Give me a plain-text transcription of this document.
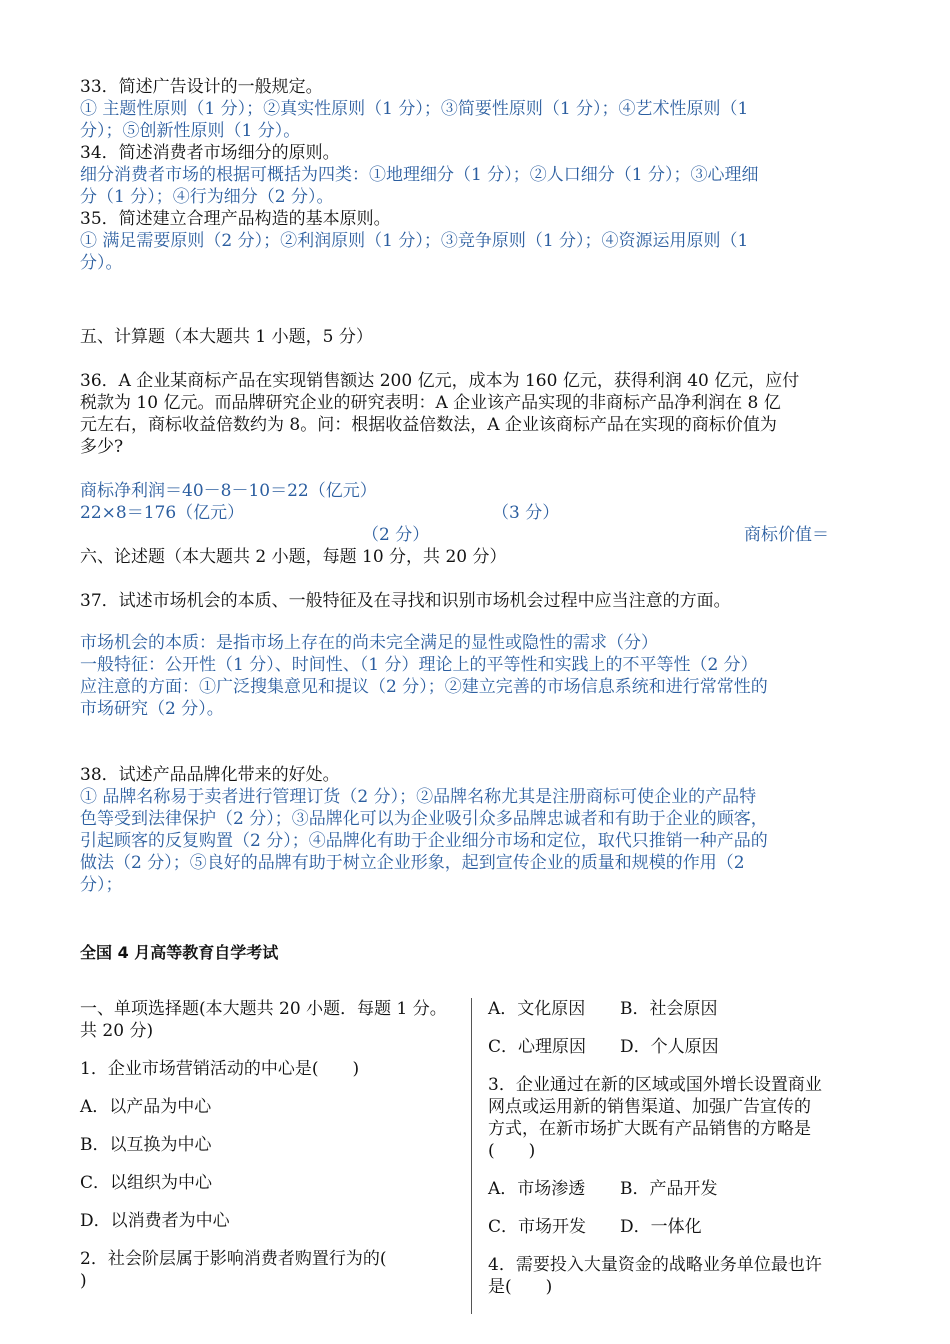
33．简述广告设计的一般规定。

① 主题性原则（1 分）；②真实性原则（1 分）；③简要性原则（1 分）；④艺术性原则（1
分）；⑤创新性原则（1 分）。

34．简述消费者市场细分的原则。

细分消费者市场的根据可概括为四类：①地理细分（1 分）；②人口细分（1 分）；③心理细
分（1 分）；④行为细分（2 分）。

35．简述建立合理产品构造的基本原则。

① 满足需要原则（2 分）；②利润原则（1 分）；③竞争原则（1 分）；④资源运用原则（1
分）。

五、计算题（本大题共 1 小题，5 分）

36．A 企业某商标产品在实现销售额达 200 亿元，成本为 160 亿元，获得利润 40 亿元，应付
税款为 10 亿元。而品牌研究企业的研究表明：A 企业该产品实现的非商标产品净利润在 8 亿
元左右，商标收益倍数约为 8。问：根据收益倍数法，A 企业该商标产品在实现的商标价值为
多少?

商标净利润＝40－8－10＝22（亿元）

（3 分）

商标价值＝

22×8＝176（亿元）

（2 分）

六、论述题（本大题共 2 小题，每题 10 分，共 20 分）

37．试述市场机会的本质、一般特征及在寻找和识别市场机会过程中应当注意的方面。

市场机会的本质：是指市场上存在的尚未完全满足的显性或隐性的需求（分）
一般特征：公开性（1 分）、时间性、（1 分）理论上的平等性和实践上的不平等性（2 分）
应注意的方面：①广泛搜集意见和提议（2 分）；②建立完善的市场信息系统和进行常常性的
市场研究（2 分）。

38．试述产品品牌化带来的好处。

① 品牌名称易于卖者进行管理订货（2 分）；②品牌名称尤其是注册商标可使企业的产品特
色等受到法律保护（2 分）；③品牌化可以为企业吸引众多品牌忠诚者和有助于企业的顾客，
引起顾客的反复购置（2 分）；④品牌化有助于企业细分市场和定位，取代只推销一种产品的
做法（2 分）；⑤良好的品牌有助于树立企业形象，起到宣传企业的质量和规模的作用（2
分）；

全国 4 月高等教育自学考试

一、单项选择题(本大题共 20 小题．每题 1 分。
共 20 分)

1．企业市场营销活动的中心是(　　)

A．以产品为中心

B．以互换为中心

C．以组织为中心

D．以消费者为中心

2．社会阶层属于影响消费者购置行为的(
)

A．文化原因	B．社会原因
C．心理原因	D．个人原因

3．企业通过在新的区域或国外增长设置商业
网点或运用新的销售渠道、加强广告宣传的
方式，在新市场扩大既有产品销售的方略是
(　　)

A．市场渗透	B．产品开发
C．市场开发	D．一体化

4．需要投入大量资金的战略业务单位最也许
是(　　)
